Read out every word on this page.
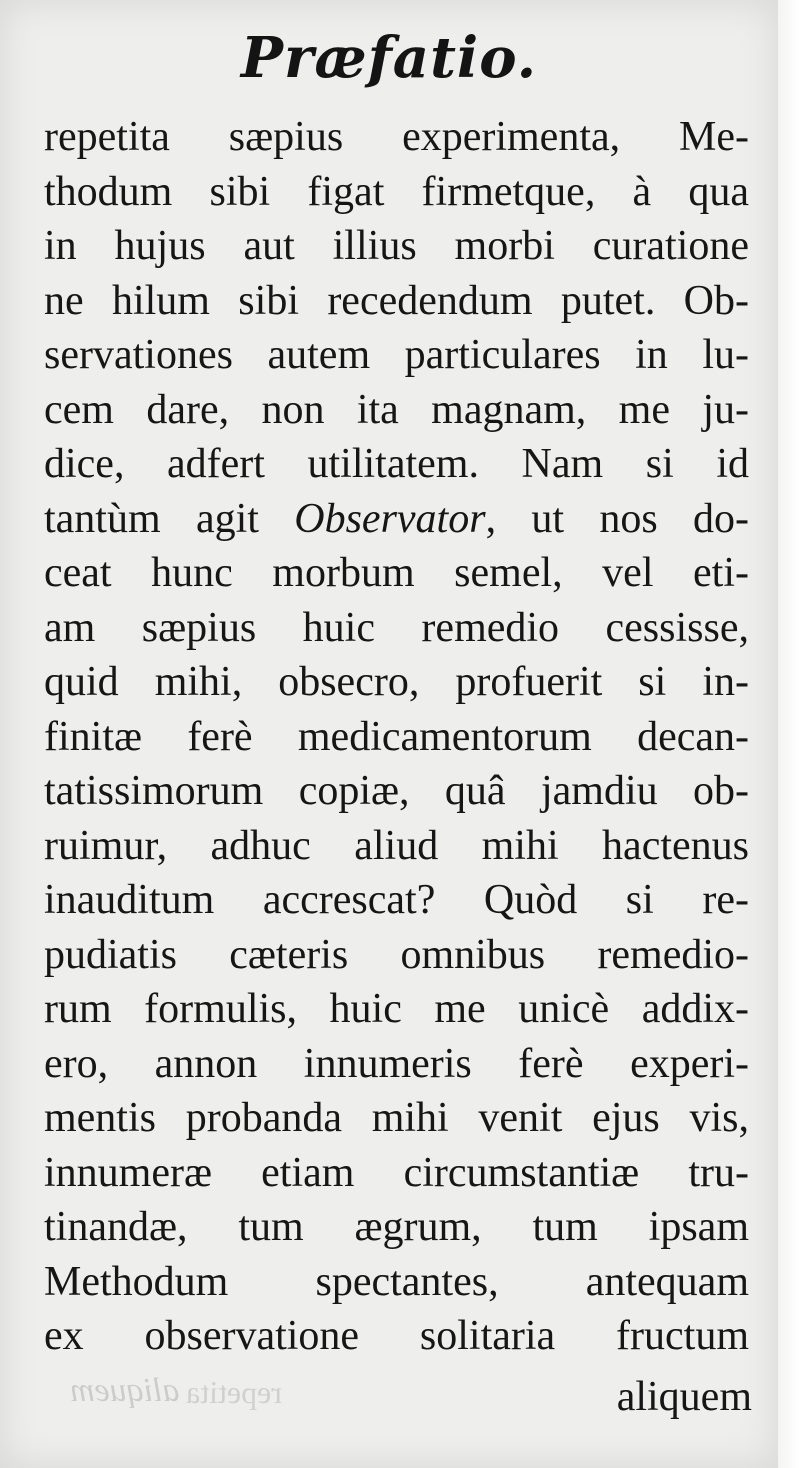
Præfatio.
aliquem repetita
repetita sæpius experimenta, Me-
thodum sibi figat firmetque, à qua
in hujus aut illius morbi curatione
ne hilum sibi recedendum putet. Ob-
servationes autem particulares in lu-
cem dare, non ita magnam, me ju-
dice, adfert utilitatem. Nam si id
tantùm agit Observator, ut nos do-
ceat hunc morbum semel, vel eti-
am sæpius huic remedio cessisse,
quid mihi, obsecro, profuerit si in-
finitæ ferè medicamentorum decan-
tatissimorum copiæ, quâ jamdiu ob-
ruimur, adhuc aliud mihi hactenus
inauditum accrescat? Quòd si re-
pudiatis cæteris omnibus remedio-
rum formulis, huic me unicè addix-
ero, annon innumeris ferè experi-
mentis probanda mihi venit ejus vis,
innumeræ etiam circumstantiæ tru-
tinandæ, tum ægrum, tum ipsam
Methodum spectantes, antequam
ex observatione solitaria fructum
aliquem
